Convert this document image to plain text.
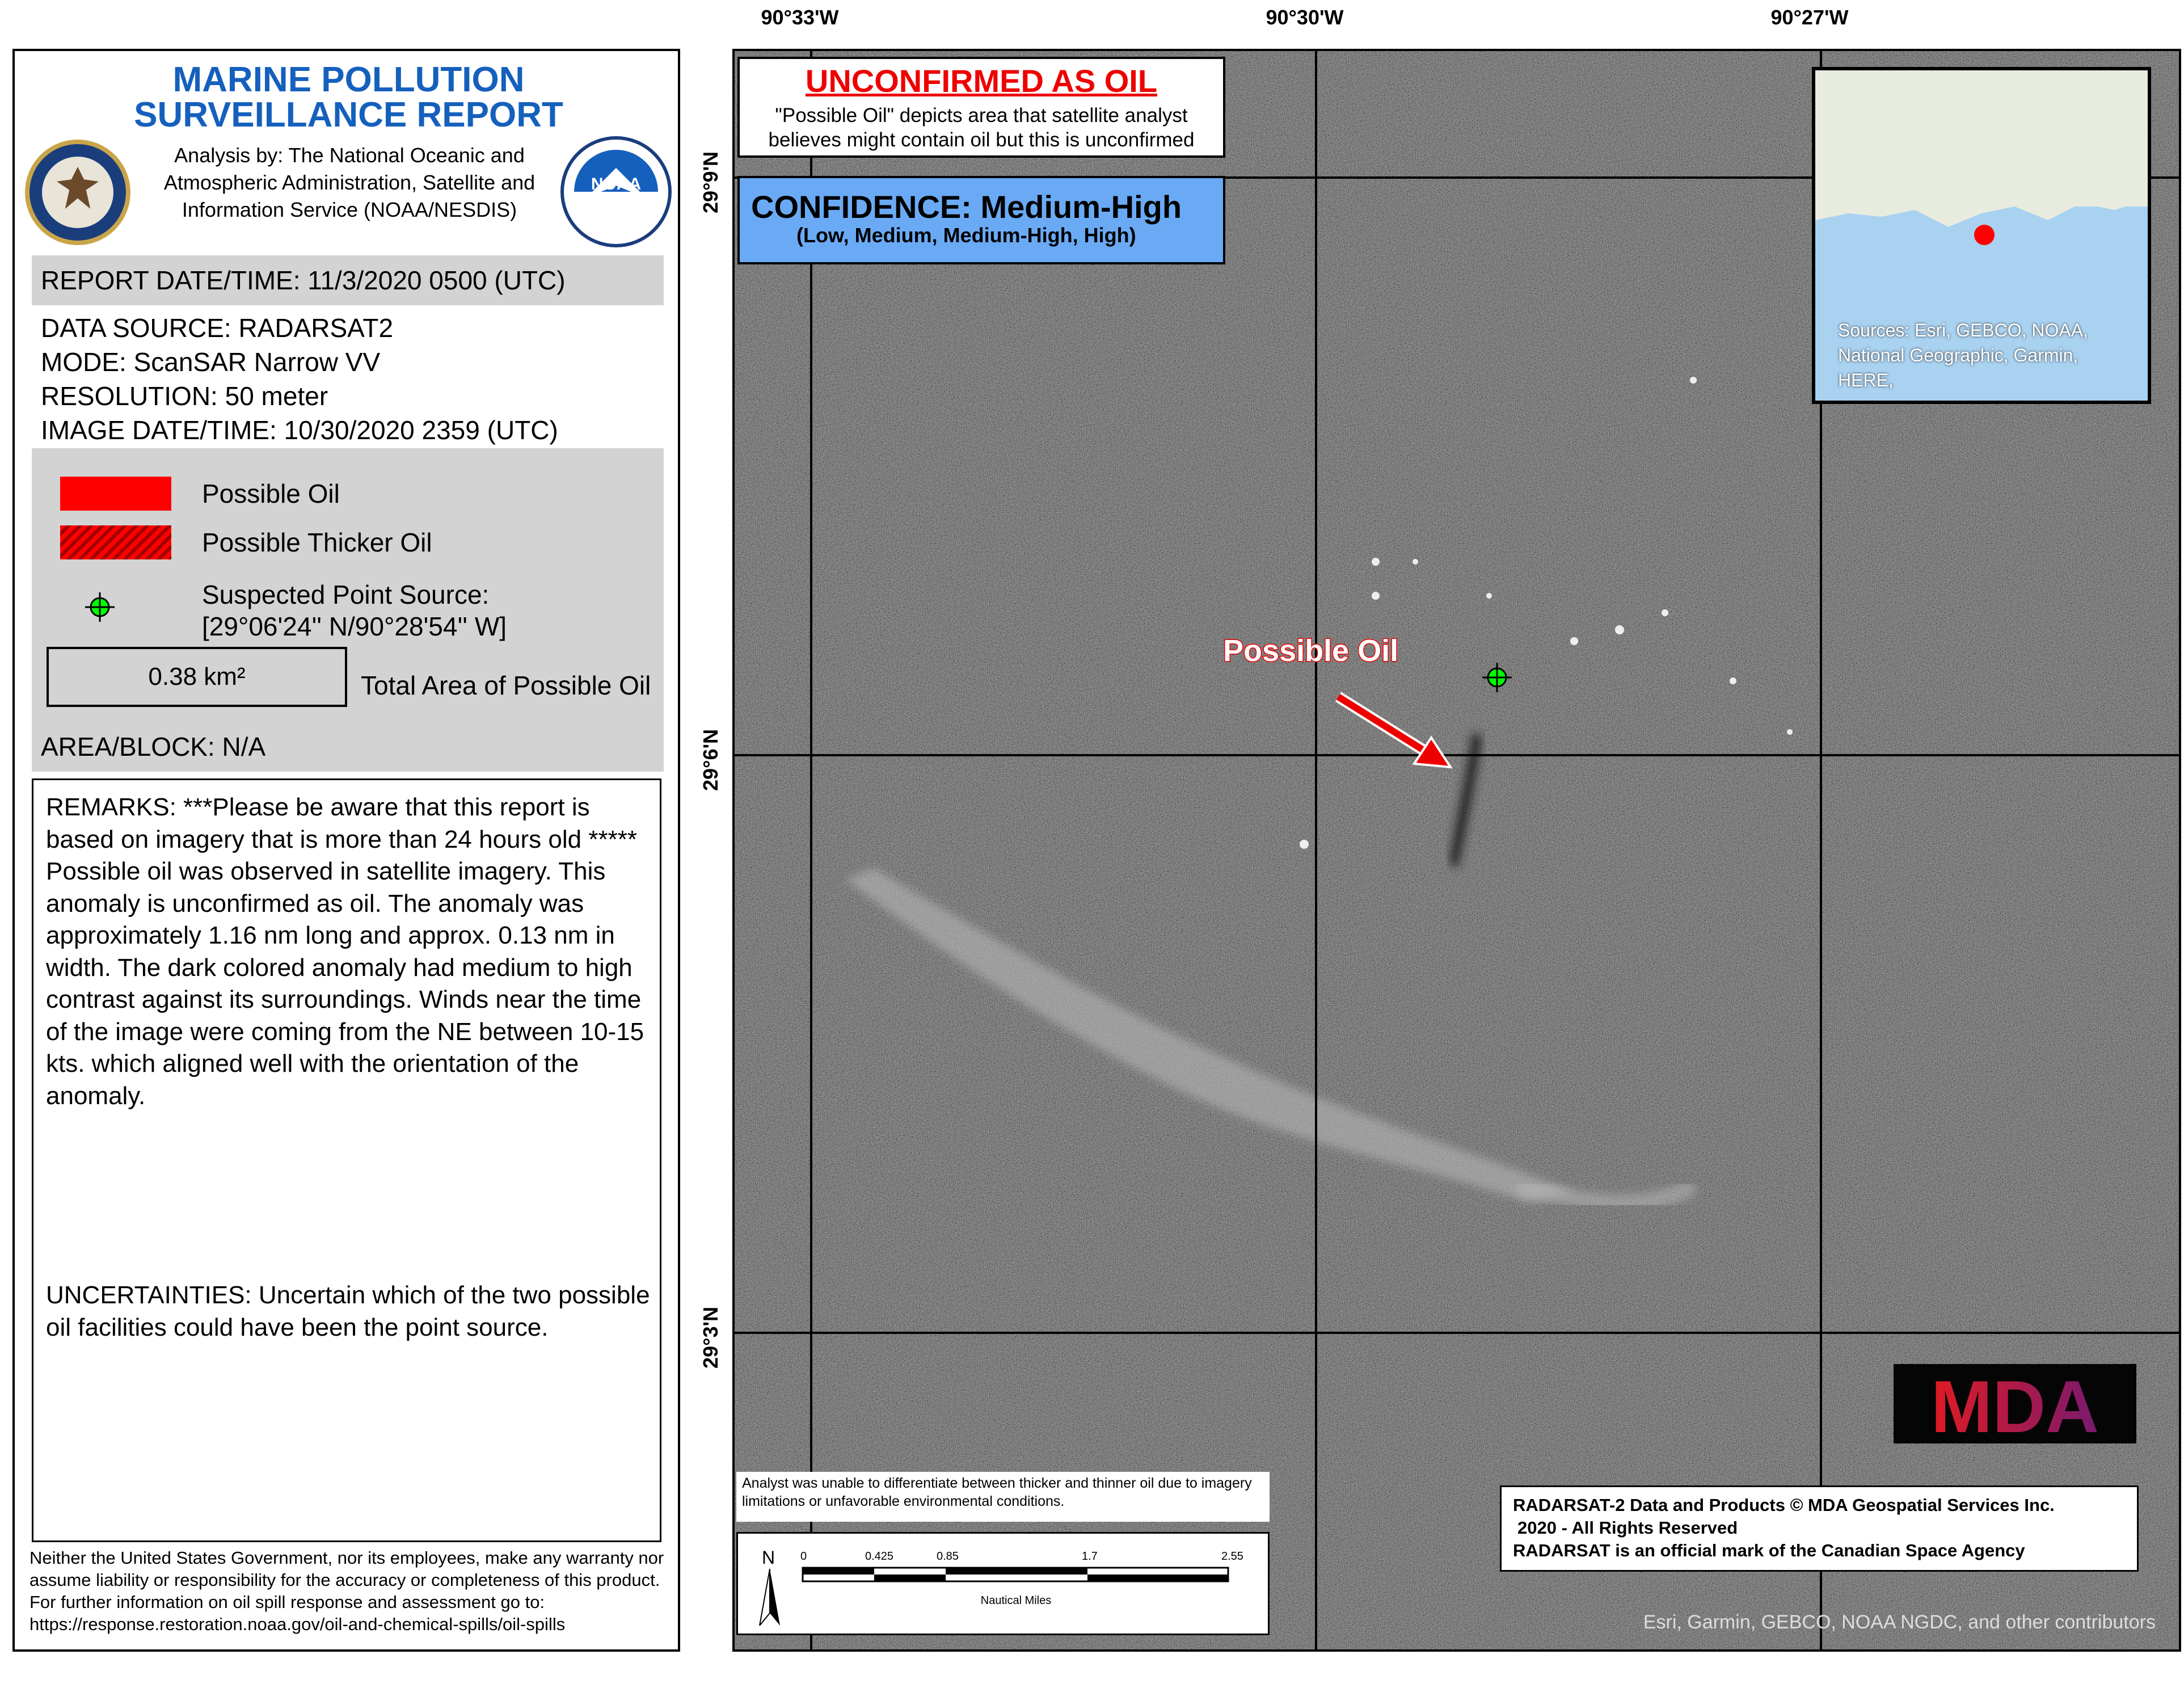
MARINE POLLUTION
SURVEILLANCE REPORT
Analysis by: The National Oceanic and Atmospheric Administration, Satellite and Information Service (NOAA/NESDIS)
NOAA
REPORT DATE/TIME: 11/3/2020 0500 (UTC)
DATA SOURCE: RADARSAT2
MODE: ScanSAR Narrow VV
RESOLUTION: 50 meter
IMAGE DATE/TIME: 10/30/2020 2359 (UTC)
Possible Oil
Possible Thicker Oil
Suspected Point Source:
[29°06'24'' N/90°28'54'' W]
0.38 km²	Total Area of Possible Oil
AREA/BLOCK: N/A
REMARKS: ***Please be aware that this report is based on imagery that is more than 24 hours old ***** Possible oil was observed in satellite imagery. This anomaly is unconfirmed as oil. The anomaly was approximately 1.16 nm long and approx. 0.13 nm in width. The dark colored anomaly had medium to high contrast against its surroundings. Winds near the time of the image were coming from the NE between 10-15 kts. which aligned well with the orientation of the anomaly.
UNCERTAINTIES: Uncertain which of the two possible oil facilities could have been the point source.
Neither the United States Government, nor its employees, make any warranty nor assume liability or responsibility for the accuracy or completeness of this product.
For further information on oil spill response and assessment go to:
https://response.restoration.noaa.gov/oil-and-chemical-spills/oil-spills
90°33'W	90°30'W	90°27'W
29°9'N
29°6'N
29°3'N
UNCONFIRMED AS OIL
"Possible Oil" depicts area that satellite analyst believes might contain oil but this is unconfirmed
CONFIDENCE: Medium-High
(Low, Medium, Medium-High, High)
Sources: Esri, GEBCO, NOAA, National Geographic, Garmin, HERE,
Possible Oil
MDA
Analyst was unable to differentiate between thicker and thinner oil due to imagery limitations or unfavorable environmental conditions.
N 0	0.425	0.85	1.7	2.55
Nautical Miles
RADARSAT-2 Data and Products © MDA Geospatial Services Inc.
2020 - All Rights Reserved
RADARSAT is an official mark of the Canadian Space Agency
Esri, Garmin, GEBCO, NOAA NGDC, and other contributors
